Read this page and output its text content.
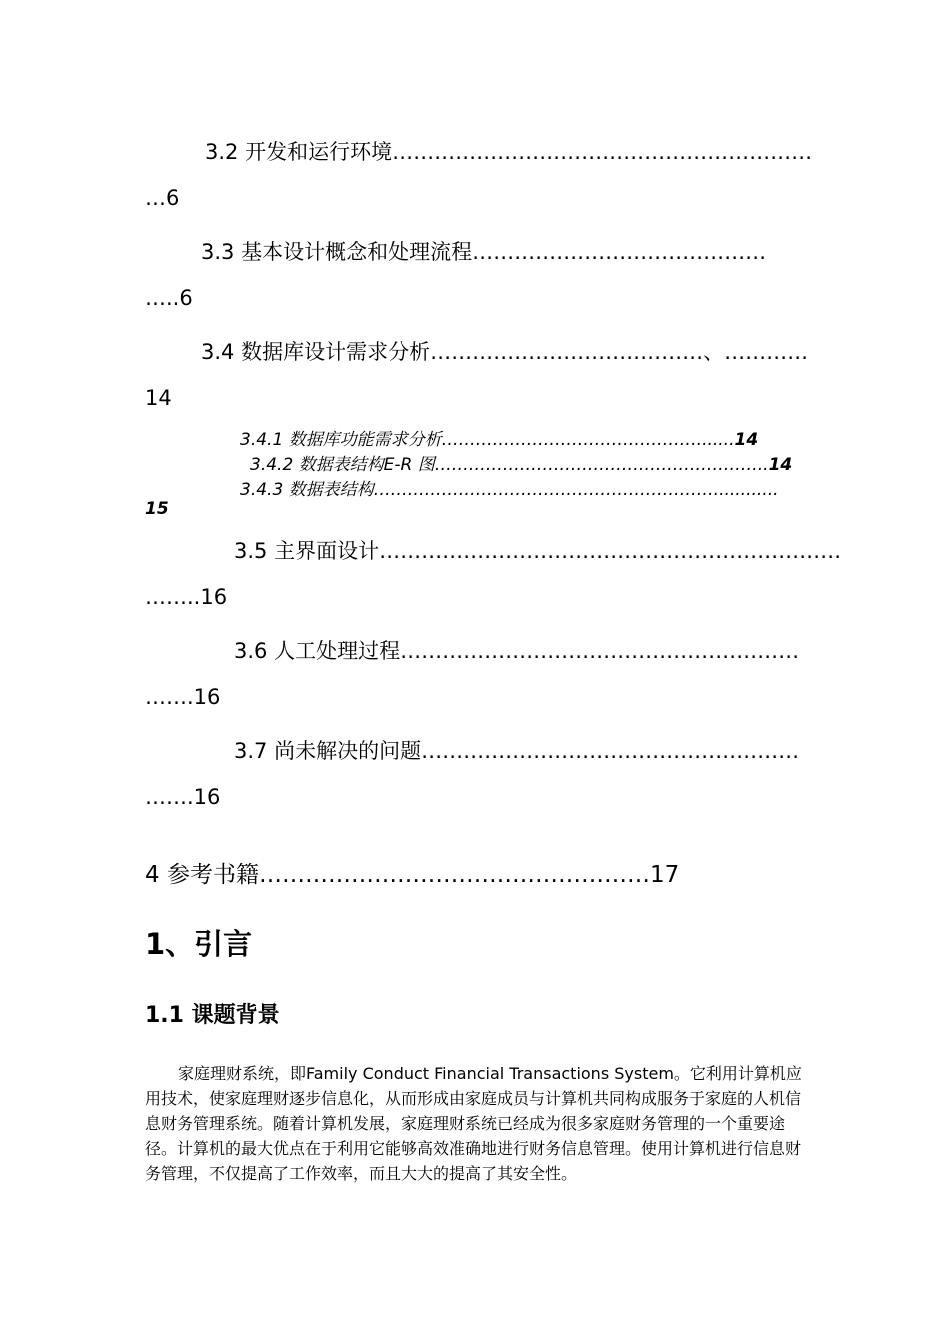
3.2 开发和运行环境……………………………………………………
…6
3.3 基本设计概念和处理流程……………………………………
…..6
3.4 数据库设计需求分析…………………………………、…………
14
3.4.1 数据库功能需求分析……………………………………….......14
3.4.2 数据表结构E-R 图…………………………………………………..14
3.4.3 数据表结构……………………………………………………............
15
3.5 主界面设计…………………………………………………………
……..16
3.6 人工处理过程…………………………………………………
…….16
3.7 尚未解决的问题………………………………………………
…….16
4 参考书籍……………………………………………17
1、引言
1.1 课题背景

家庭理财系统，即Family Conduct Financial Transactions System。它利用计算机应用技术，使家庭理财逐步信息化，从而形成由家庭成员与计算机共同构成服务于家庭的人机信息财务管理系统。随着计算机发展，家庭理财系统已经成为很多家庭财务管理的一个重要途径。计算机的最大优点在于利用它能够高效准确地进行财务信息管理。使用计算机进行信息财务管理，不仅提高了工作效率，而且大大的提高了其安全性。
